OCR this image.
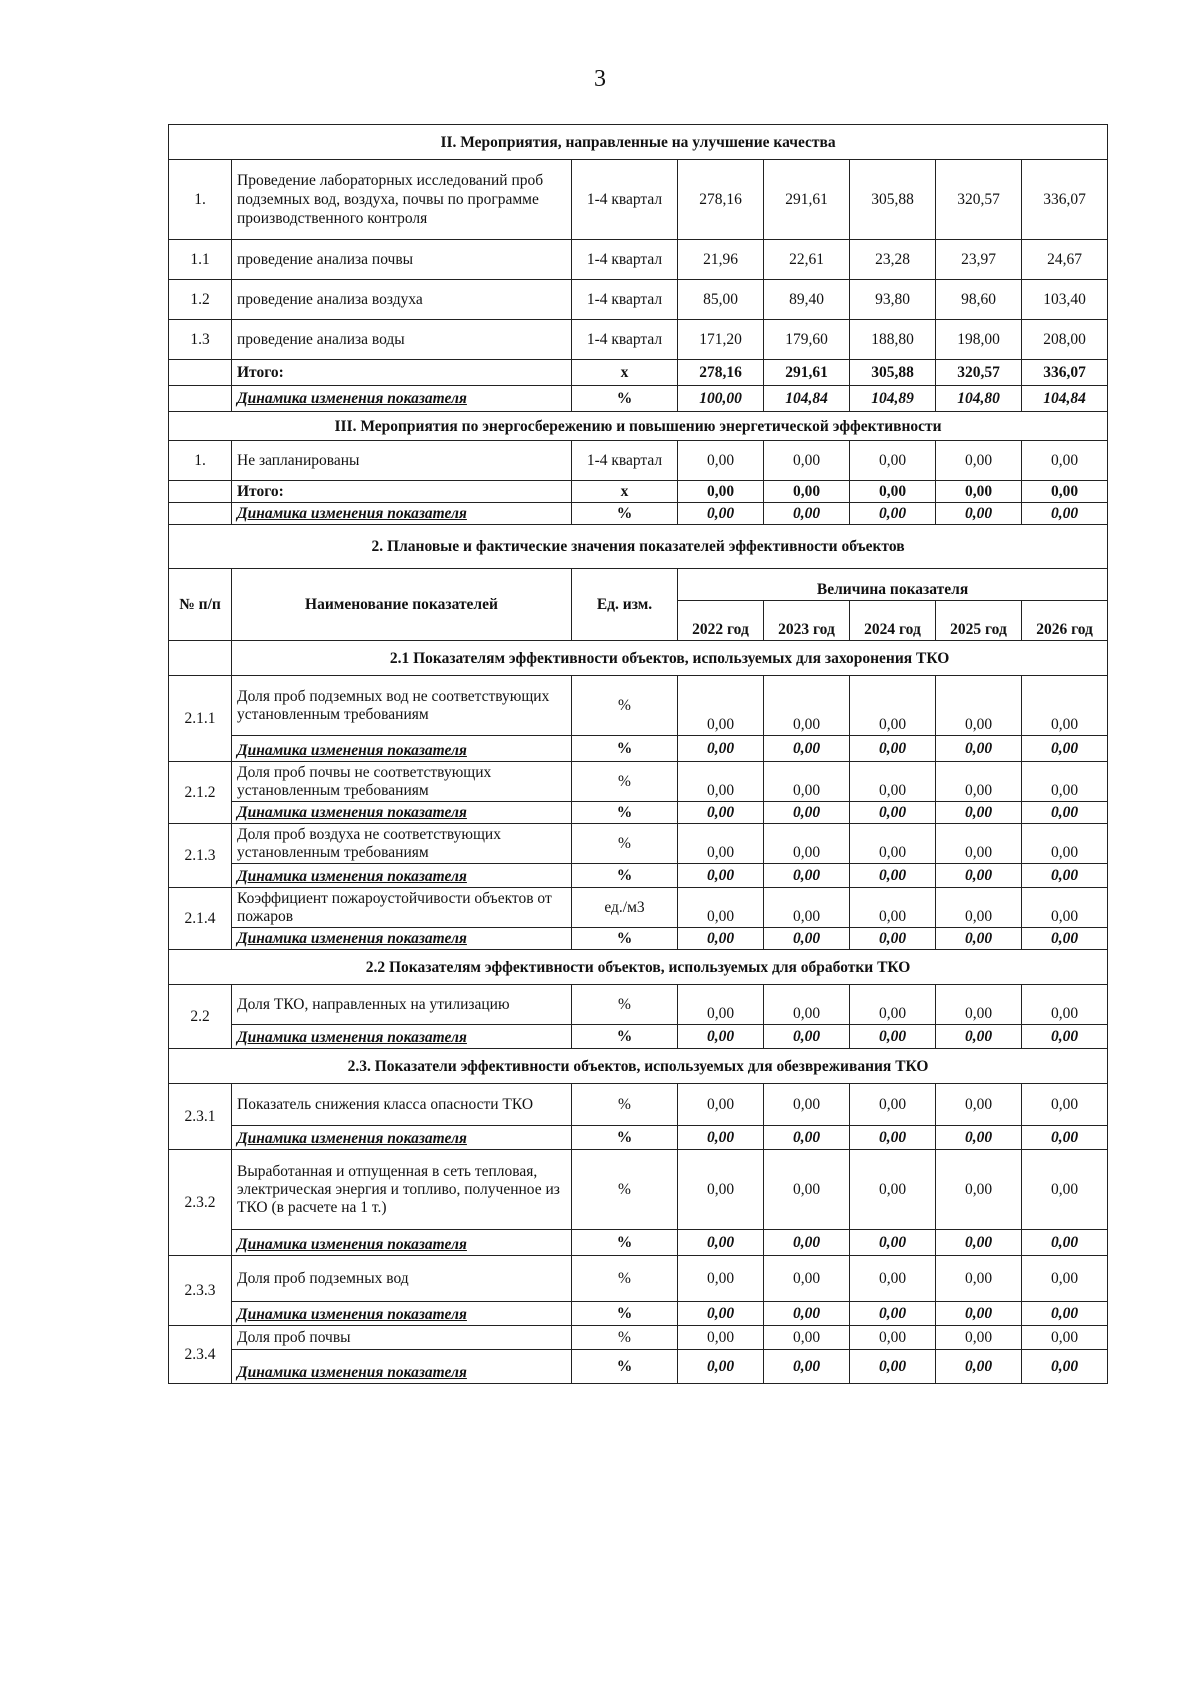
3
II. Мероприятия, направленные на улучшение качества							
1.	Проведение лабораторных исследований проб подземных вод, воздуха, почвы по программе производственного контроля	1-4 квартал	278,16	291,61	305,88	320,57	336,07
1.1	проведение анализа почвы	1-4 квартал	21,96	22,61	23,28	23,97	24,67
1.2	проведение анализа воздуха	1-4 квартал	85,00	89,40	93,80	98,60	103,40
1.3	проведение анализа воды	1-4 квартал	171,20	179,60	188,80	198,00	208,00
	Итого:	х	278,16	291,61	305,88	320,57	336,07
	Динамика изменения показателя	%	100,00	104,84	104,89	104,80	104,84
III. Мероприятия по энергосбережению и повышению энергетической эффективности							
1.	Не запланированы	1-4 квартал	0,00	0,00	0,00	0,00	0,00
	Итого:	х	0,00	0,00	0,00	0,00	0,00
	Динамика изменения показателя	%	0,00	0,00	0,00	0,00	0,00
2. Плановые и фактические значения показателей эффективности объектов							
№ п/п	Наименование показателей	Ед. изм.	Величина показателя				
			2022 год	2023 год	2024 год	2025 год	2026 год
	2.1 Показателям эффективности объектов, используемых для захоронения ТКО						
2.1.1	Доля проб подземных вод не соответствующих установленным требованиям	%	0,00	0,00	0,00	0,00	0,00
	Динамика изменения показателя	%	0,00	0,00	0,00	0,00	0,00
2.1.2	Доля проб почвы не соответствующих установленным требованиям	%	0,00	0,00	0,00	0,00	0,00
	Динамика изменения показателя	%	0,00	0,00	0,00	0,00	0,00
2.1.3	Доля проб воздуха не соответствующих установленным требованиям	%	0,00	0,00	0,00	0,00	0,00
	Динамика изменения показателя	%	0,00	0,00	0,00	0,00	0,00
2.1.4	Коэффициент пожароустойчивости объектов от пожаров	ед./м3	0,00	0,00	0,00	0,00	0,00
	Динамика изменения показателя	%	0,00	0,00	0,00	0,00	0,00
2.2 Показателям эффективности объектов, используемых для обработки ТКО							
2.2	Доля ТКО, направленных на утилизацию	%	0,00	0,00	0,00	0,00	0,00
	Динамика изменения показателя	%	0,00	0,00	0,00	0,00	0,00
2.3. Показатели эффективности объектов, используемых для обезвреживания ТКО							
2.3.1	Показатель снижения класса опасности ТКО	%	0,00	0,00	0,00	0,00	0,00
	Динамика изменения показателя	%	0,00	0,00	0,00	0,00	0,00
2.3.2	Выработанная и отпущенная в сеть тепловая, электрическая энергия и топливо, полученное из ТКО (в расчете на 1 т.)	%	0,00	0,00	0,00	0,00	0,00
	Динамика изменения показателя	%	0,00	0,00	0,00	0,00	0,00
2.3.3	Доля проб подземных вод	%	0,00	0,00	0,00	0,00	0,00
	Динамика изменения показателя	%	0,00	0,00	0,00	0,00	0,00
2.3.4	Доля проб почвы	%	0,00	0,00	0,00	0,00	0,00
	Динамика изменения показателя	%	0,00	0,00	0,00	0,00	0,00
